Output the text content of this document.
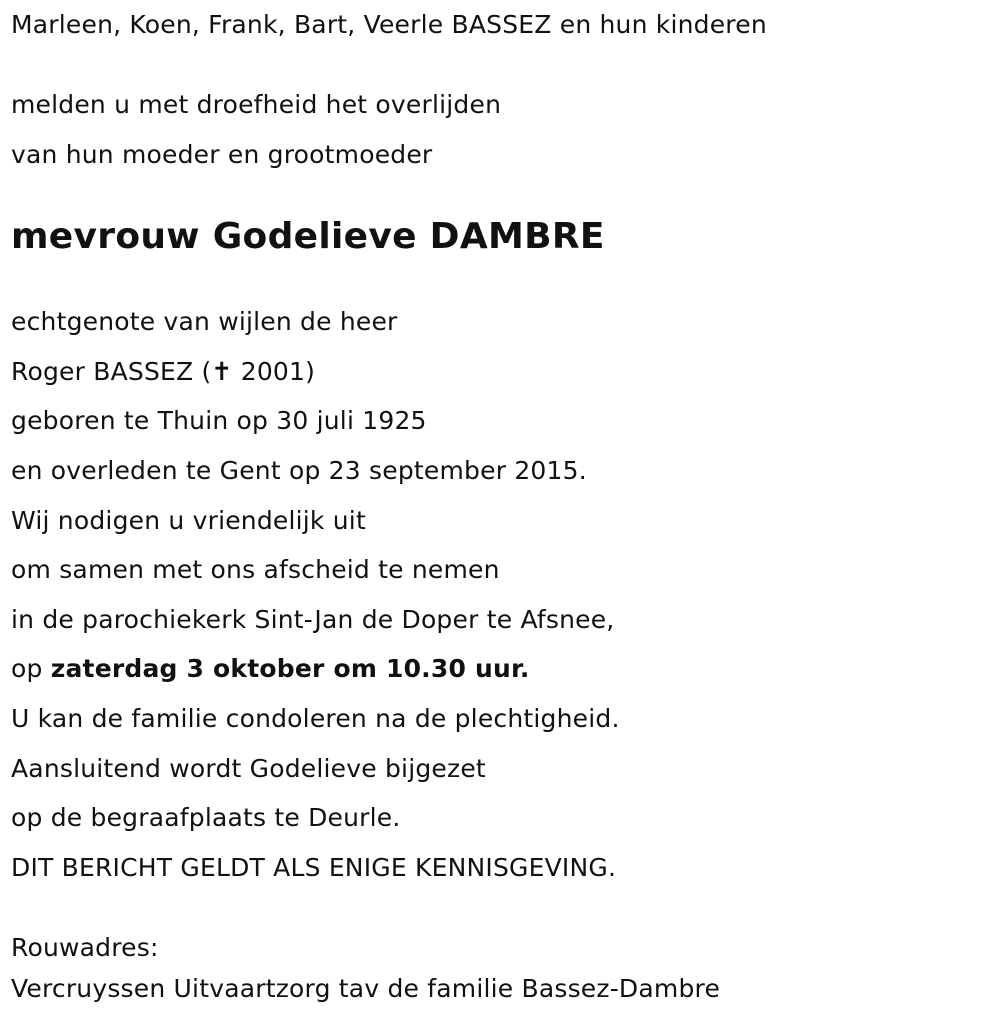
Marleen, Koen, Frank, Bart, Veerle BASSEZ en hun kinderen
melden u met droefheid het overlijden
van hun moeder en grootmoeder
mevrouw Godelieve DAMBRE
echtgenote van wijlen de heer
Roger BASSEZ (✝ 2001)
geboren te Thuin op 30 juli 1925
en overleden te Gent op 23 september 2015.
Wij nodigen u vriendelijk uit
om samen met ons afscheid te nemen
in de parochiekerk Sint-Jan de Doper te Afsnee,
op zaterdag 3 oktober om 10.30 uur.
U kan de familie condoleren na de plechtigheid.
Aansluitend wordt Godelieve bijgezet
op de begraafplaats te Deurle.
DIT BERICHT GELDT ALS ENIGE KENNISGEVING.
Rouwadres:
Vercruyssen Uitvaartzorg tav de familie Bassez-Dambre
